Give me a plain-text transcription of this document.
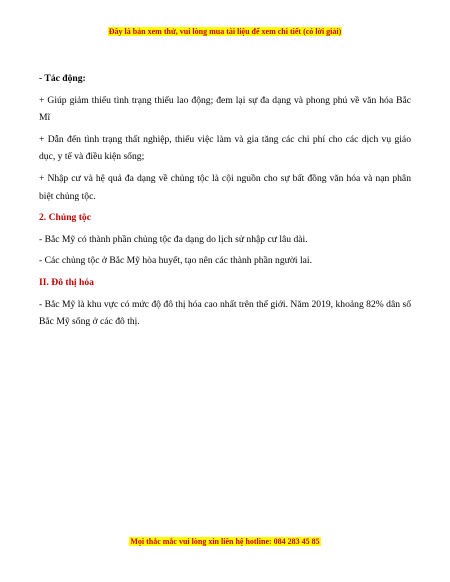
Đây là bản xem thử, vui lòng mua tài liệu để xem chi tiết (có lời giải)

- Tác động:

+ Giúp giảm thiểu tình trạng thiếu lao động; đem lại sự đa dạng và phong phú về văn hóa Bắc Mĩ

+ Dẫn đến tình trạng thất nghiệp, thiếu việc làm và gia tăng các chi phí cho các dịch vụ giáo dục, y tế và điều kiện sống;

+ Nhập cư và hệ quả đa dạng về chủng tộc là cội nguồn cho sự bất đồng văn hóa và nạn phân biệt chủng tộc.

2. Chủng tộc

- Bắc Mỹ có thành phần chủng tộc đa dạng do lịch sử nhập cư lâu dài.

- Các chủng tộc ở Bắc Mỹ hòa huyết, tạo nên các thành phần người lai.

II. Đô thị hóa

- Bắc Mỹ là khu vực có mức độ đô thị hóa cao nhất trên thế giới. Năm 2019, khoảng 82% dân số Bắc Mỹ sống ở các đô thị.

Mọi thắc mắc vui lòng xin liên hệ hotline: 084 283 45 85
